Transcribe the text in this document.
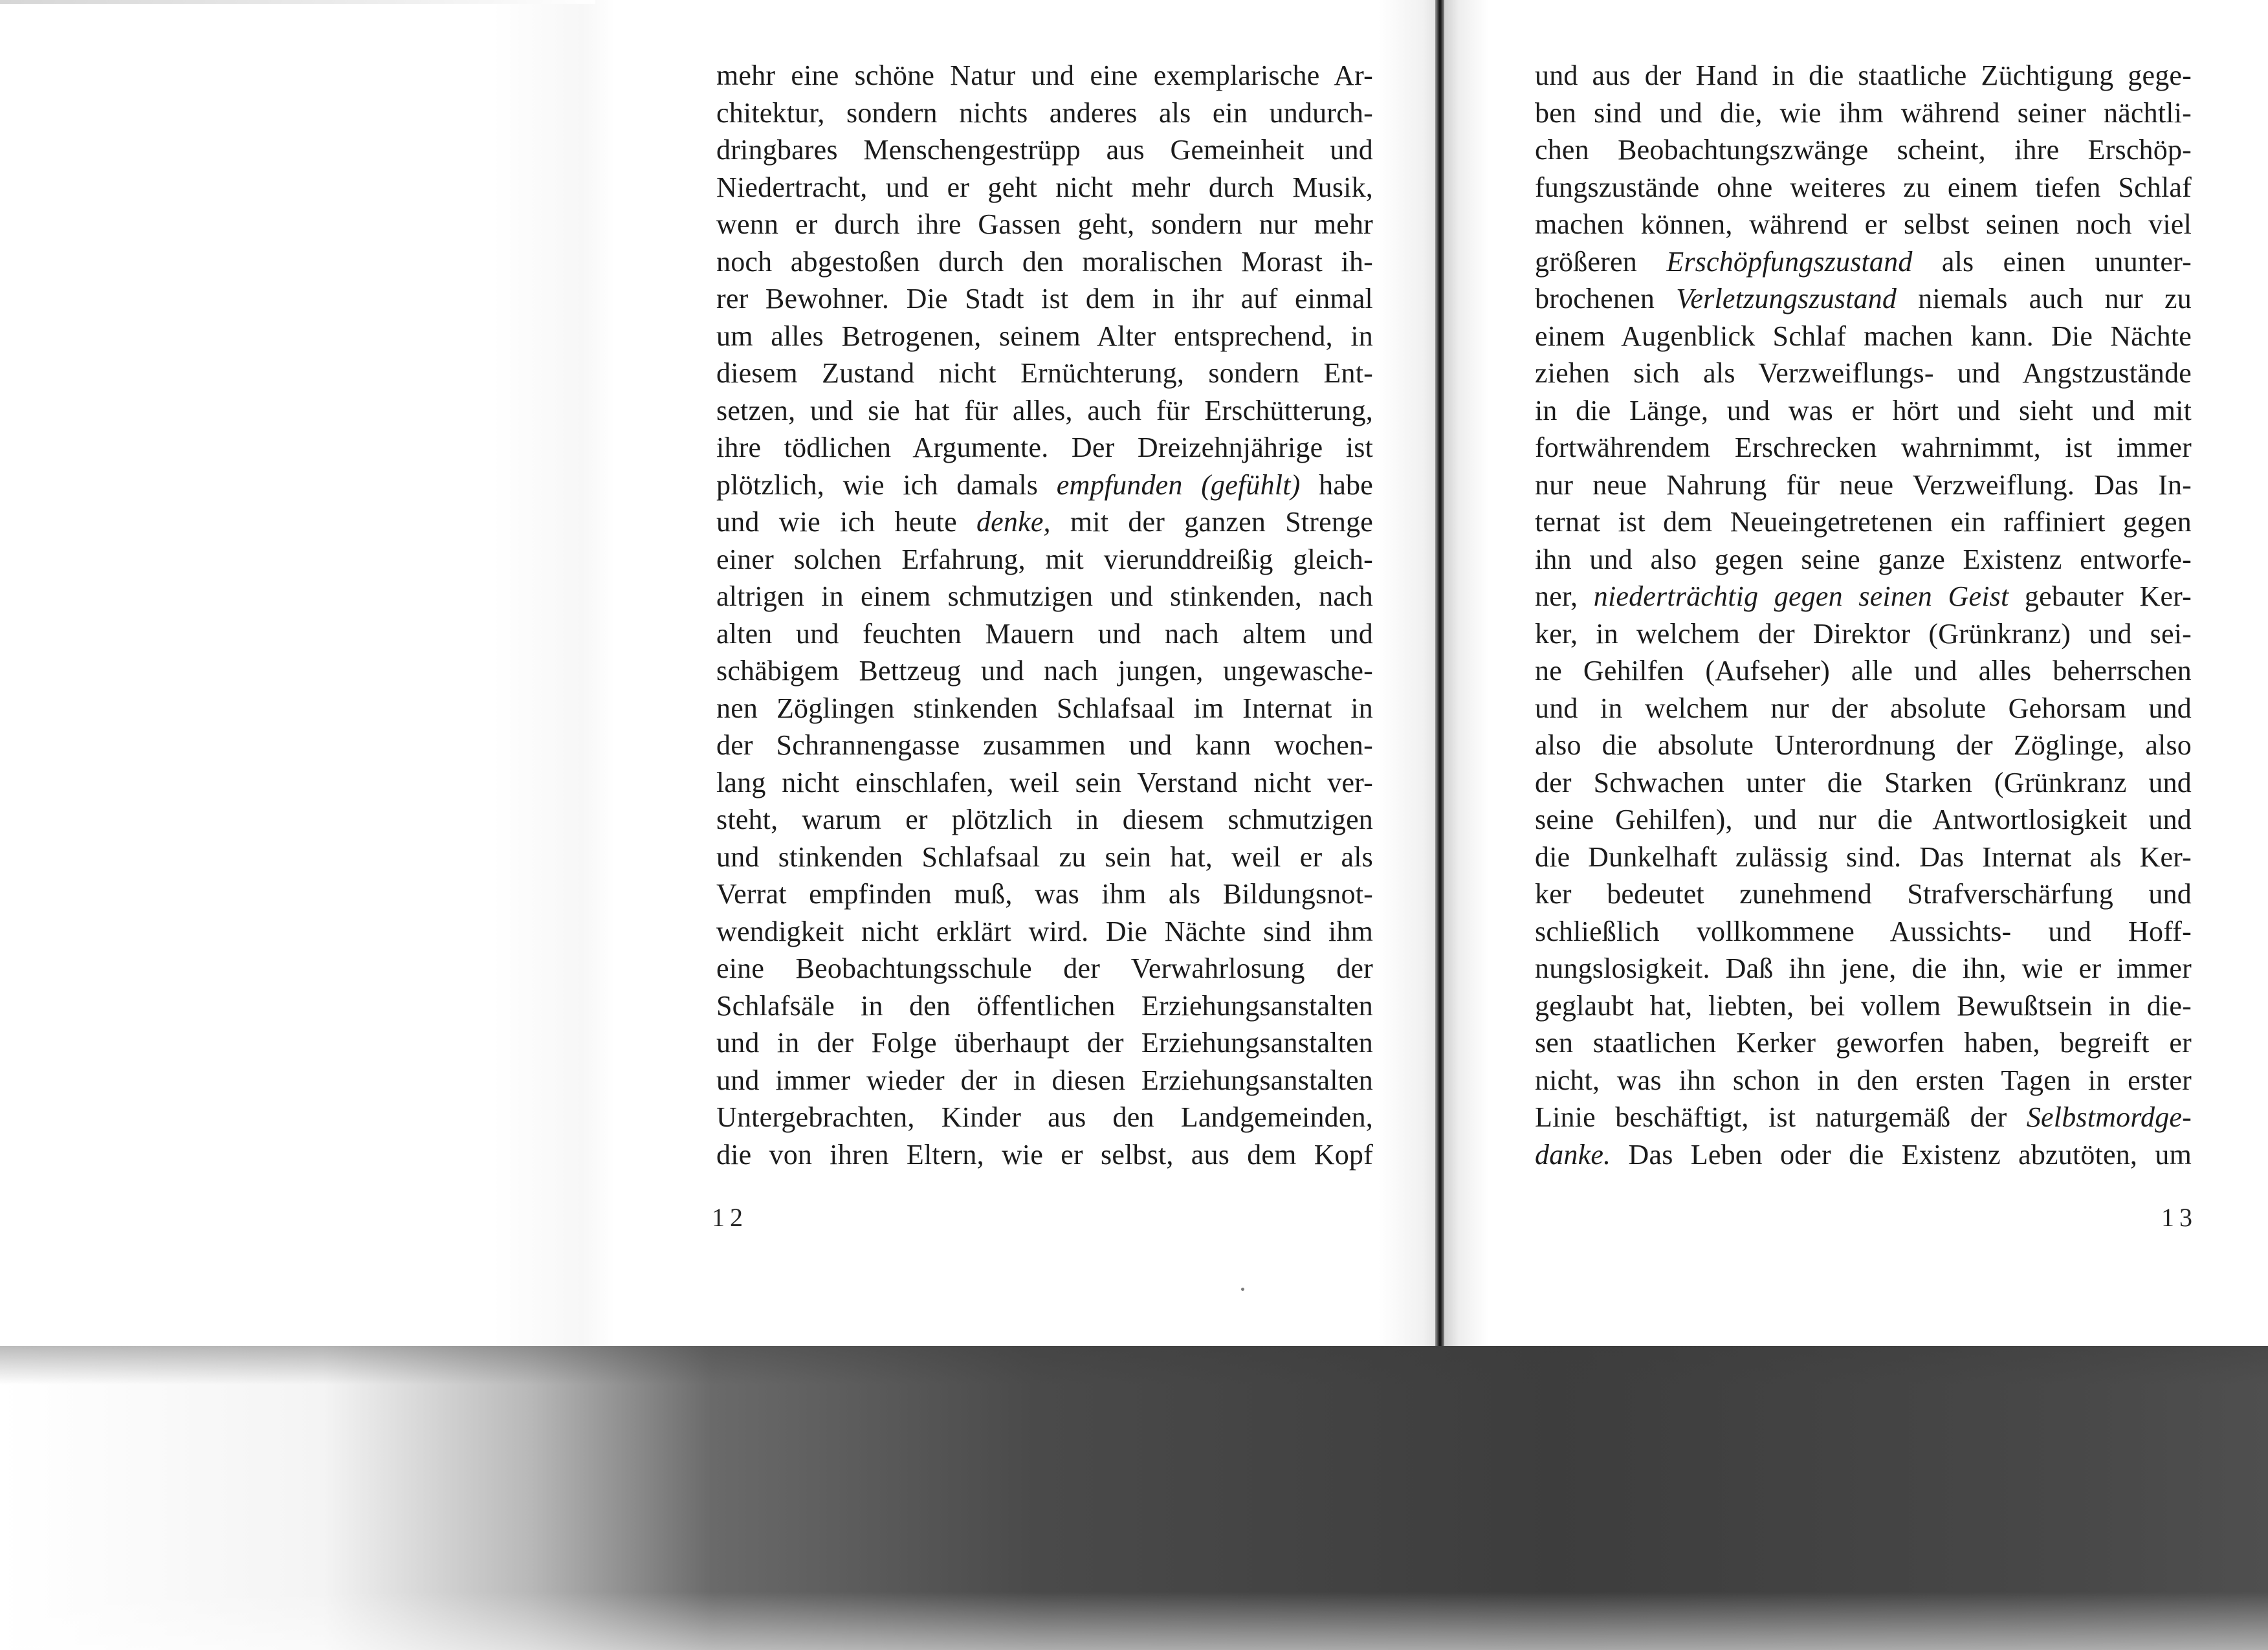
mehr eine schöne Natur und eine exemplarische Ar-
chitektur, sondern nichts anderes als ein undurch-
dringbares Menschengestrüpp aus Gemeinheit und
Niedertracht, und er geht nicht mehr durch Musik,
wenn er durch ihre Gassen geht, sondern nur mehr
noch abgestoßen durch den moralischen Morast ih-
rer Bewohner. Die Stadt ist dem in ihr auf einmal
um alles Betrogenen, seinem Alter entsprechend, in
diesem Zustand nicht Ernüchterung, sondern Ent-
setzen, und sie hat für alles, auch für Erschütterung,
ihre tödlichen Argumente. Der Dreizehnjährige ist
plötzlich, wie ich damals empfunden (gefühlt) habe
und wie ich heute denke, mit der ganzen Strenge
einer solchen Erfahrung, mit vierunddreißig gleich-
altrigen in einem schmutzigen und stinkenden, nach
alten und feuchten Mauern und nach altem und
schäbigem Bettzeug und nach jungen, ungewasche-
nen Zöglingen stinkenden Schlafsaal im Internat in
der Schrannengasse zusammen und kann wochen-
lang nicht einschlafen, weil sein Verstand nicht ver-
steht, warum er plötzlich in diesem schmutzigen
und stinkenden Schlafsaal zu sein hat, weil er als
Verrat empfinden muß, was ihm als Bildungsnot-
wendigkeit nicht erklärt wird. Die Nächte sind ihm
eine Beobachtungsschule der Verwahrlosung der
Schlafsäle in den öffentlichen Erziehungsanstalten
und in der Folge überhaupt der Erziehungsanstalten
und immer wieder der in diesen Erziehungsanstalten
Untergebrachten, Kinder aus den Landgemeinden,
die von ihren Eltern, wie er selbst, aus dem Kopf
und aus der Hand in die staatliche Züchtigung gege-
ben sind und die, wie ihm während seiner nächtli-
chen Beobachtungszwänge scheint, ihre Erschöp-
fungszustände ohne weiteres zu einem tiefen Schlaf
machen können, während er selbst seinen noch viel
größeren Erschöpfungszustand als einen ununter-
brochenen Verletzungszustand niemals auch nur zu
einem Augenblick Schlaf machen kann. Die Nächte
ziehen sich als Verzweiflungs- und Angstzustände
in die Länge, und was er hört und sieht und mit
fortwährendem Erschrecken wahrnimmt, ist immer
nur neue Nahrung für neue Verzweiflung. Das In-
ternat ist dem Neueingetretenen ein raffiniert gegen
ihn und also gegen seine ganze Existenz entworfe-
ner, niederträchtig gegen seinen Geist gebauter Ker-
ker, in welchem der Direktor (Grünkranz) und sei-
ne Gehilfen (Aufseher) alle und alles beherrschen
und in welchem nur der absolute Gehorsam und
also die absolute Unterordnung der Zöglinge, also
der Schwachen unter die Starken (Grünkranz und
seine Gehilfen), und nur die Antwortlosigkeit und
die Dunkelhaft zulässig sind. Das Internat als Ker-
ker bedeutet zunehmend Strafverschärfung und
schließlich vollkommene Aussichts- und Hoff-
nungslosigkeit. Daß ihn jene, die ihn, wie er immer
geglaubt hat, liebten, bei vollem Bewußtsein in die-
sen staatlichen Kerker geworfen haben, begreift er
nicht, was ihn schon in den ersten Tagen in erster
Linie beschäftigt, ist naturgemäß der Selbstmordge-
danke. Das Leben oder die Existenz abzutöten, um
12	13
